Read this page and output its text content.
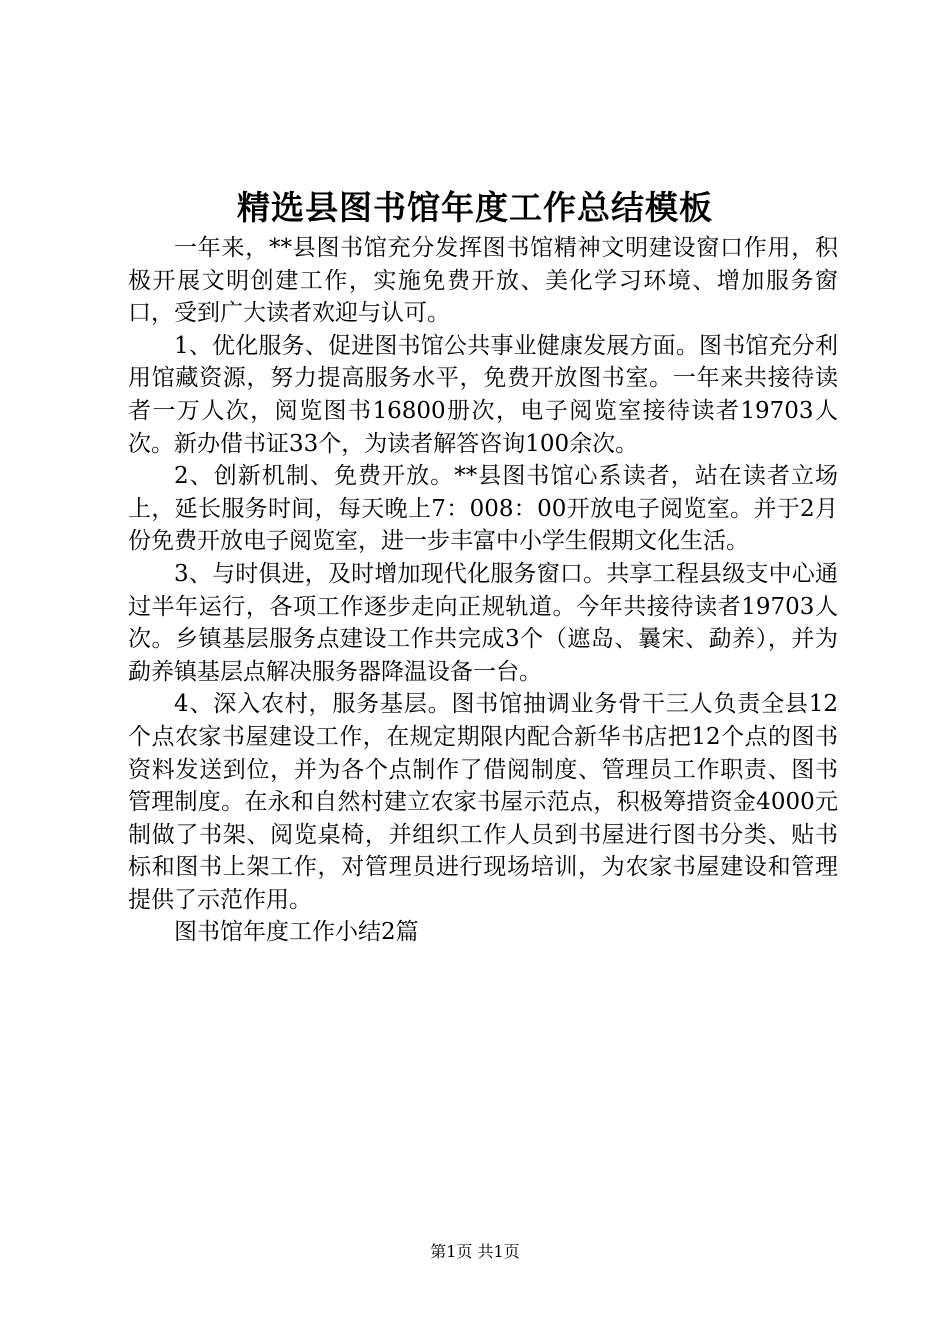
精选县图书馆年度工作总结模板

一年来，**县图书馆充分发挥图书馆精神文明建设窗口作用，积极开展文明创建工作，实施免费开放、美化学习环境、增加服务窗口，受到广大读者欢迎与认可。

1、优化服务、促进图书馆公共事业健康发展方面。图书馆充分利用馆藏资源，努力提高服务水平，免费开放图书室。一年来共接待读者一万人次，阅览图书16800册次，电子阅览室接待读者19703人次。新办借书证33个，为读者解答咨询100余次。

2、创新机制、免费开放。**县图书馆心系读者，站在读者立场上，延长服务时间，每天晚上7：008：00开放电子阅览室。并于2月份免费开放电子阅览室，进一步丰富中小学生假期文化生活。

3、与时俱进，及时增加现代化服务窗口。共享工程县级支中心通过半年运行，各项工作逐步走向正规轨道。今年共接待读者19703人次。乡镇基层服务点建设工作共完成3个（遮岛、曩宋、勐养），并为勐养镇基层点解决服务器降温设备一台。

4、深入农村，服务基层。图书馆抽调业务骨干三人负责全县12个点农家书屋建设工作，在规定期限内配合新华书店把12个点的图书资料发送到位，并为各个点制作了借阅制度、管理员工作职责、图书管理制度。在永和自然村建立农家书屋示范点，积极筹措资金4000元制做了书架、阅览桌椅，并组织工作人员到书屋进行图书分类、贴书标和图书上架工作，对管理员进行现场培训，为农家书屋建设和管理提供了示范作用。

图书馆年度工作小结2篇

第1页 共1页
